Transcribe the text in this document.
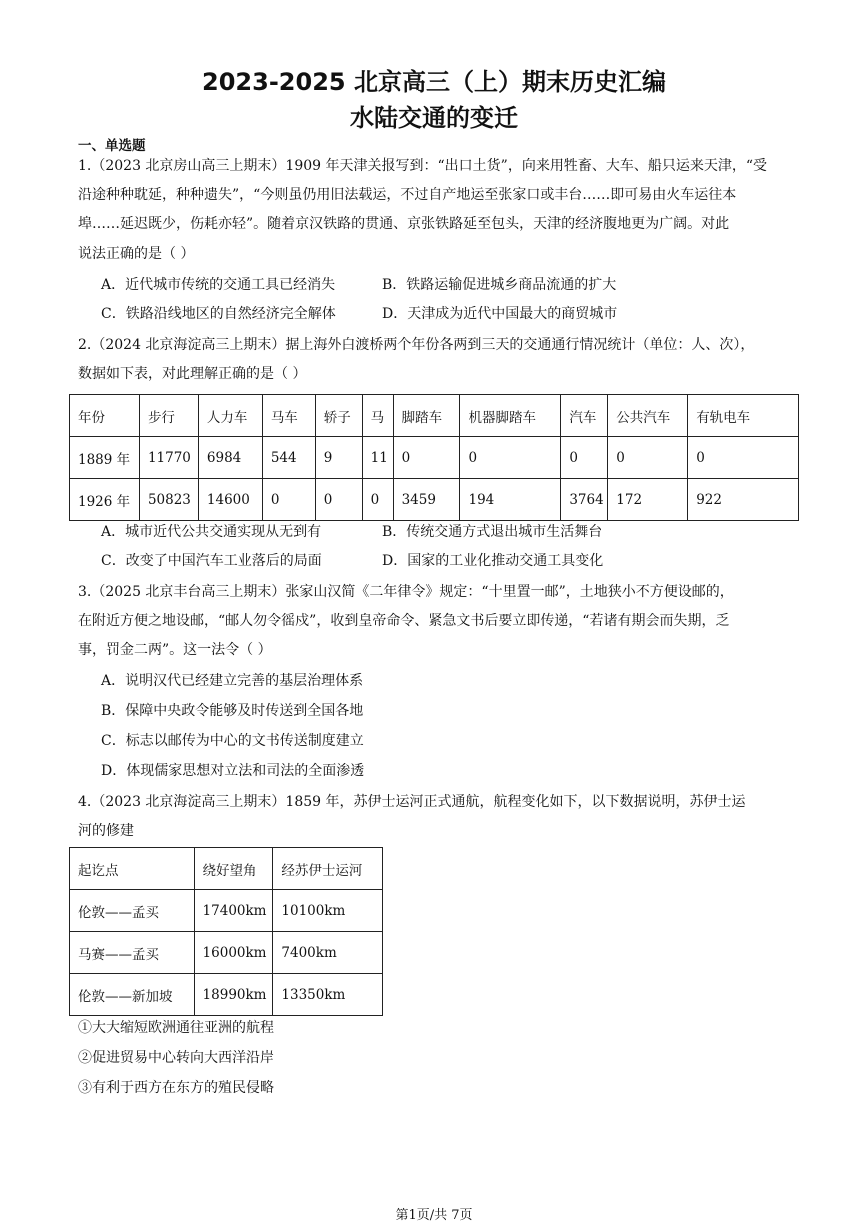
2023-2025 北京高三（上）期末历史汇编
水陆交通的变迁
一、单选题
1.（2023 北京房山高三上期末）1909 年天津关报写到：“出口土货”，向来用牲畜、大车、船只运来天津，“受
沿途种种耽延，种种遗失”，“今则虽仍用旧法载运，不过自产地运至张家口或丰台……即可易由火车运往本
埠……延迟既少，伤耗亦轻”。随着京汉铁路的贯通、京张铁路延至包头，天津的经济腹地更为广阔。对此
说法正确的是（ ）
A．近代城市传统的交通工具已经消失	B．铁路运输促进城乡商品流通的扩大
C．铁路沿线地区的自然经济完全解体	D．天津成为近代中国最大的商贸城市
2.（2024 北京海淀高三上期末）据上海外白渡桥两个年份各两到三天的交通通行情况统计（单位：人、次），
数据如下表，对此理解正确的是（ ）
年份	步行	人力车	马车	轿子	马	脚踏车	机器脚踏车	汽车	公共汽车	有轨电车
1889 年	11770	6984	544	9	11	0	0	0	0	0
1926 年	50823	14600	0	0	0	3459	194	3764	172	922
A．城市近代公共交通实现从无到有	B．传统交通方式退出城市生活舞台
C．改变了中国汽车工业落后的局面	D．国家的工业化推动交通工具变化
3.（2025 北京丰台高三上期末）张家山汉简《二年律令》规定：“十里置一邮”，土地狭小不方便设邮的，
在附近方便之地设邮，“邮人勿令徭戍”，收到皇帝命令、紧急文书后要立即传递，“若诸有期会而失期，乏
事，罚金二两”。这一法令（ ）
A．说明汉代已经建立完善的基层治理体系
B．保障中央政令能够及时传送到全国各地
C．标志以邮传为中心的文书传送制度建立
D．体现儒家思想对立法和司法的全面渗透
4.（2023 北京海淀高三上期末）1859 年，苏伊士运河正式通航，航程变化如下，以下数据说明，苏伊士运
河的修建
起讫点	绕好望角	经苏伊士运河
伦敦——孟买	17400km	10100km
马赛——孟买	16000km	7400km
伦敦——新加坡	18990km	13350km
①大大缩短欧洲通往亚洲的航程
②促进贸易中心转向大西洋沿岸
③有利于西方在东方的殖民侵略
第1页/共 7页
